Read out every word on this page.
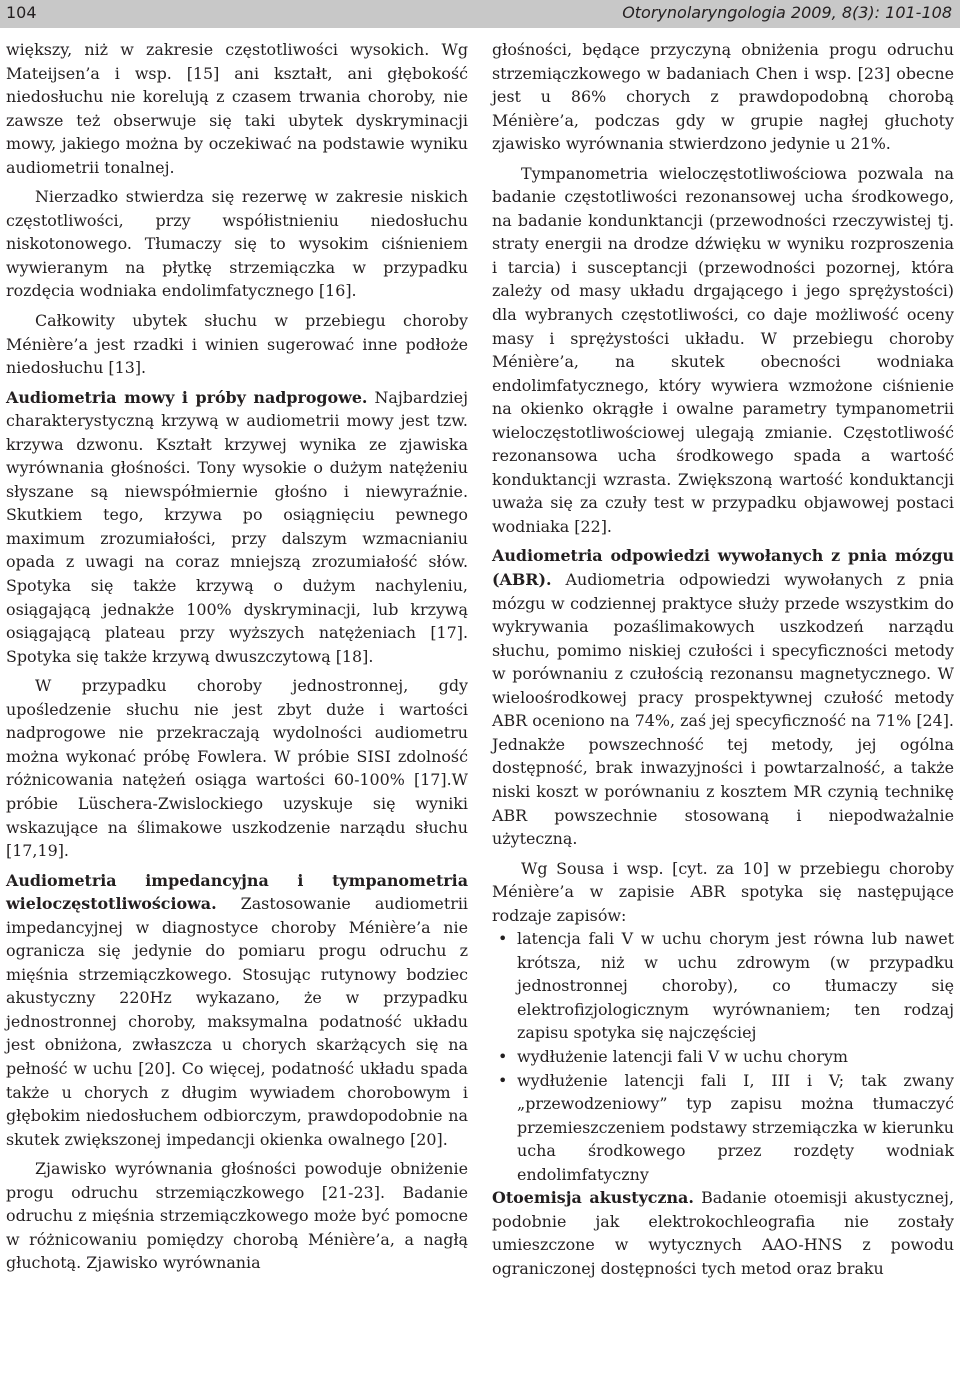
104	Otorynolaryngologia 2009, 8(3): 101-108

większy, niż w zakresie częstotliwości wysokich. Wg Mateijsen’a i wsp. [15] ani kształt, ani głębokość niedosłuchu nie korelują z czasem trwania choroby, nie zawsze też obserwuje się taki ubytek dyskryminacji mowy, jakiego można by oczekiwać na podstawie wyniku audiometrii tonalnej.

Nierzadko stwierdza się rezerwę w zakresie niskich częstotliwości, przy współistnieniu niedosłuchu niskotonowego. Tłumaczy się to wysokim ciśnieniem wywieranym na płytkę strzemiączka w przypadku rozdęcia wodniaka endolimfatycznego [16].

Całkowity ubytek słuchu w przebiegu choroby Ménière’a jest rzadki i winien sugerować inne podłoże niedosłuchu [13].

Audiometria mowy i próby nadprogowe. Najbardziej charakterystyczną krzywą w audiometrii mowy jest tzw. krzywa dzwonu. Kształt krzywej wynika ze zjawiska wyrównania głośności. Tony wysokie o dużym natężeniu słyszane są niewspółmiernie głośno i niewyraźnie. Skutkiem tego, krzywa po osiągnięciu pewnego maximum zrozumiałości, przy dalszym wzmacnianiu opada z uwagi na coraz mniejszą zrozumiałość słów. Spotyka się także krzywą o dużym nachyleniu, osiągającą jednakże 100% dyskryminacji, lub krzywą osiągającą plateau przy wyższych natężeniach [17]. Spotyka się także krzywą dwuszczytową [18].

W przypadku choroby jednostronnej, gdy upośledzenie słuchu nie jest zbyt duże i wartości nadprogowe nie przekraczają wydolności audiometru można wykonać próbę Fowlera. W próbie SISI zdolność różnicowania natężeń osiąga wartości 60-100% [17].W próbie Lüschera-Zwislockiego uzyskuje się wyniki wskazujące na ślimakowe uszkodzenie narządu słuchu [17,19].

Audiometria impedancyjna i tympanometria wieloczęstotliwościowa. Zastosowanie audiometrii impedancyjnej w diagnostyce choroby Ménière’a nie ogranicza się jedynie do pomiaru progu odruchu z mięśnia strzemiączkowego. Stosując rutynowy bodziec akustyczny 220Hz wykazano, że w przypadku jednostronnej choroby, maksymalna podatność układu jest obniżona, zwłaszcza u chorych skarżących się na pełność w uchu [20]. Co więcej, podatność układu spada także u chorych z długim wywiadem chorobowym i głębokim niedosłuchem odbiorczym, prawdopodobnie na skutek zwiększonej impedancji okienka owalnego [20].

Zjawisko wyrównania głośności powoduje obniżenie progu odruchu strzemiączkowego [21-23]. Badanie odruchu z mięśnia strzemiączkowego może być pomocne w różnicowaniu pomiędzy chorobą Ménière’a, a nagłą głuchotą. Zjawisko wyrównania

głośności, będące przyczyną obniżenia progu odruchu strzemiączkowego w badaniach Chen i wsp. [23] obecne jest u 86% chorych z prawdopodobną chorobą Ménière’a, podczas gdy w grupie nagłej głuchoty zjawisko wyrównania stwierdzono jedynie u 21%.

Tympanometria wieloczęstotliwościowa pozwala na badanie częstotliwości rezonansowej ucha środkowego, na badanie kondunktancji (przewodności rzeczywistej tj. straty energii na drodze dźwięku w wyniku rozproszenia i tarcia) i susceptancji (przewodności pozornej, która zależy od masy układu drgającego i jego sprężystości) dla wybranych częstotliwości, co daje możliwość oceny masy i sprężystości układu. W przebiegu choroby Ménière’a, na skutek obecności wodniaka endolimfatycznego, który wywiera wzmożone ciśnienie na okienko okrągłe i owalne parametry tympanometrii wieloczęstotliwościowej ulegają zmianie. Częstotliwość rezonansowa ucha środkowego spada a wartość konduktancji wzrasta. Zwiększoną wartość konduktancji uważa się za czuły test w przypadku objawowej postaci wodniaka [22].

Audiometria odpowiedzi wywołanych z pnia mózgu (ABR). Audiometria odpowiedzi wywołanych z pnia mózgu w codziennej praktyce służy przede wszystkim do wykrywania pozaślimakowych uszkodzeń narządu słuchu, pomimo niskiej czułości i specyficzności metody w porównaniu z czułością rezonansu magnetycznego. W wieloośrodkowej pracy prospektywnej czułość metody ABR oceniono na 74%, zaś jej specyficzność na 71% [24]. Jednakże powszechność tej metody, jej ogólna dostępność, brak inwazyjności i powtarzalność, a także niski koszt w porównaniu z kosztem MR czynią technikę ABR powszechnie stosowaną i niepodważalnie użyteczną.

Wg Sousa i wsp. [cyt. za 10] w przebiegu choroby Ménière’a w zapisie ABR spotyka się następujące rodzaje zapisów:

• latencja fali V w uchu chorym jest równa lub nawet krótsza, niż w uchu zdrowym (w przypadku jednostronnej choroby), co tłumaczy się elektrofizjologicznym wyrównaniem; ten rodzaj zapisu spotyka się najczęściej
• wydłużenie latencji fali V w uchu chorym
• wydłużenie latencji fali I, III i V; tak zwany „przewodzeniowy” typ zapisu można tłumaczyć przemieszczeniem podstawy strzemiączka w kierunku ucha środkowego przez rozdęty wodniak endolimfatyczny

Otoemisja akustyczna. Badanie otoemisji akustycznej, podobnie jak elektrokochleografia nie zostały umieszczone w wytycznych AAO-HNS z powodu ograniczonej dostępności tych metod oraz braku
